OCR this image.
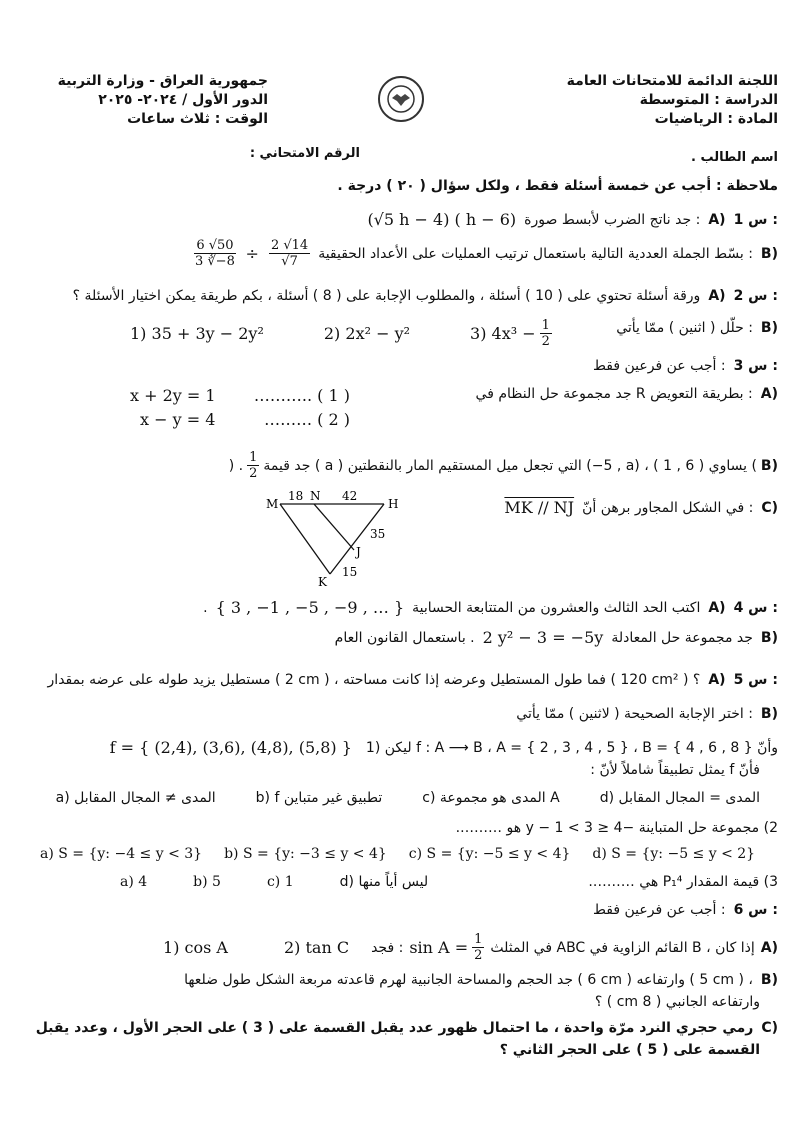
اللجنة الدائمة للامتحانات العامة
الدراسة : المتوسطة
المادة : الرياضيات
جمهورية العراق - وزارة التربية
الدور الأول / ٢٠٢٤- ٢٠٢٥
الوقت : ثلاث ساعات
اسم الطالب .
الرقم الامتحاني :
ملاحظة : أجب عن خمسة أسئلة فقط ، ولكل سؤال ( ٢٠ ) درجة .
س 1 :
A)
جد ناتج الضرب لأبسط صورة :
(√5 h − 4) ( h − 6)
B)
بسّط الجملة العددية التالية باستعمال ترتيب العمليات على الأعداد الحقيقية :
$\frac{6 √50}{3 ∛-8} \div \frac{2 √14}{√7}$
س 2 :
A)
ورقة أسئلة تحتوي على ( 10 ) أسئلة ، والمطلوب الإجابة على ( 8 ) أسئلة ، بكم طريقة يمكن اختيار الأسئلة ؟
B)
حلّل ( اثنين ) ممّا يأتي :
1) 35 + 3y − 2y²	2) 2x² − y²	3) $4x^3 - \frac{1}{2}$
س 3 :
أجب عن فرعين فقط :
A)
جد مجموعة حل النظام في R بطريقة التعويض :
x + 2y = 1 ……….. ( 1 )
x − y = 4	……… ( 2 )
B)
جد قيمة ( a ) التي تجعل ميل المستقيم المار بالنقطتين (−5 , a) ، ( 1 , 6 ) يساوي (
$\frac{1}{2}$
) .
C)
في الشكل المجاور برهن أنّ :
MK // NJ
M
N
H
J
K
18	42
35
15
س 4 :
A)
اكتب الحد الثالث والعشرون من المتتابعة الحسابية
{ 3 , −1 , −5 , −9 , … }
.
B)
جد مجموعة حل المعادلة
2 y² − 3 = −5y
باستعمال القانون العام .
س 5 :
A)
مستطيل يزيد طوله على عرضه بمقدار ( 2 cm ) ، فما طول المستطيل وعرضه إذا كانت مساحته ( 120 cm² ) ؟
B)
اختر الإجابة الصحيحة ( لاثنين ) ممّا يأتي :
1) ليكن f : A ⟶ B ، A = { 2 , 3 , 4 , 5 } ، B = { 4 , 6 , 8 } وأنّ
f = { (2,4), (3,6), (4,8), (5,8) }
فأنّ f يمثل تطبيقاً شاملاً لأنّ :
d) المدى = المجال المقابل
c) المدى هو مجموعة A
b) f تطبيق غير متباين
a) المدى ≠ المجال المقابل
2) مجموعة حل المتباينة −4 ≤ y − 1 < 3 هو ……….
a) S = {y: −4 ≤ y < 3} b) S = {y: −3 ≤ y < 4} c) S = {y: −5 ≤ y < 4} d) S = {y: −5 ≤ y < 2}
3) قيمة المقدار P₁⁴ هي ……….
a) 4	b) 5	c) 1	d) ليس أياً منها
س 6 :
أجب عن فرعين فقط :
A)
في المثلث ABC القائم الزاوية في B ، إذا كان
$\sin A = \frac{1}{2}$
فجد :
2) tan C
1) cos A
B)
جد الحجم والمساحة الجانبية لهرم قاعدته مربعة الشكل طول ضلعها ( 6 cm ) وارتفاعه ( 5 cm ) ،
وارتفاعه الجانبي ( 8 cm ) ؟
C)
رمي حجري النرد مرّة واحدة ، ما احتمال ظهور عدد يقبل القسمة على ( 3 ) على الحجر الأول ، وعدد يقبل
القسمة على ( 5 ) على الحجر الثاني ؟
